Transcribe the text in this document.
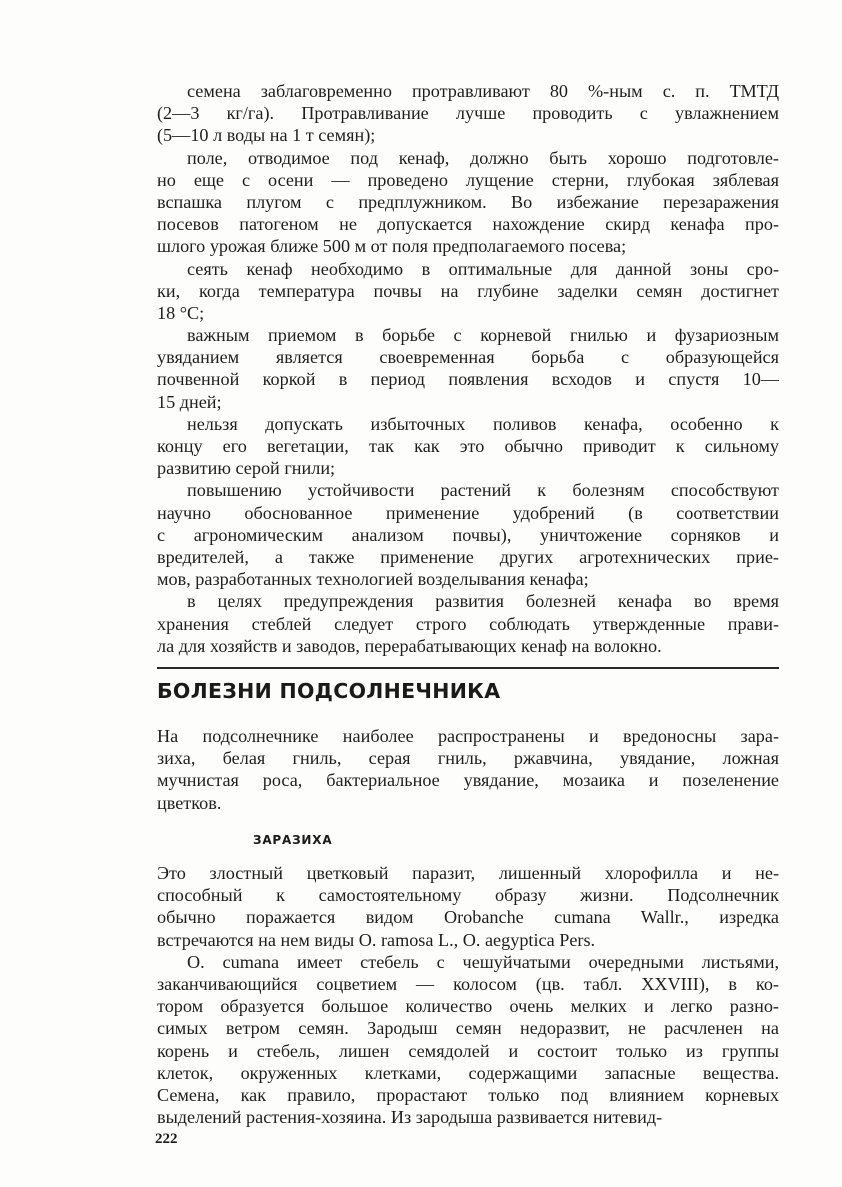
семена заблаговременно протравливают 80 %-ным с. п. ТМТД
(2—3 кг/га). Протравливание лучше проводить с увлажнением
(5—10 л воды на 1 т семян);
поле, отводимое под кенаф, должно быть хорошо подготовле-
но еще с осени — проведено лущение стерни, глубокая зяблевая
вспашка плугом с предплужником. Во избежание перезаражения
посевов патогеном не допускается нахождение скирд кенафа про-
шлого урожая ближе 500 м от поля предполагаемого посева;
сеять кенаф необходимо в оптимальные для данной зоны сро-
ки, когда температура почвы на глубине заделки семян достигнет
18 °С;
важным приемом в борьбе с корневой гнилью и фузариозным
увяданием является своевременная борьба с образующейся
почвенной коркой в период появления всходов и спустя 10—
15 дней;
нельзя допускать избыточных поливов кенафа, особенно к
концу его вегетации, так как это обычно приводит к сильному
развитию серой гнили;
повышению устойчивости растений к болезням способствуют
научно обоснованное применение удобрений (в соответствии
с агрономическим анализом почвы), уничтожение сорняков и
вредителей, а также применение других агротехнических прие-
мов, разработанных технологией возделывания кенафа;
в целях предупреждения развития болезней кенафа во время
хранения стеблей следует строго соблюдать утвержденные прави-
ла для хозяйств и заводов, перерабатывающих кенаф на волокно.
БОЛЕЗНИ ПОДСОЛНЕЧНИКА
На подсолнечнике наиболее распространены и вредоносны зара-
зиха, белая гниль, серая гниль, ржавчина, увядание, ложная
мучнистая роса, бактериальное увядание, мозаика и позеленение
цветков.
ЗАРАЗИХА
Это злостный цветковый паразит, лишенный хлорофилла и не-
способный к самостоятельному образу жизни. Подсолнечник
обычно поражается видом Orobanche cumana Wallr., изредка
встречаются на нем виды O. ramosa L., O. aegyptica Pers.
O. cumana имеет стебель с чешуйчатыми очередными листьями,
заканчивающийся соцветием — колосом (цв. табл. XXVIII), в ко-
тором образуется большое количество очень мелких и легко разно-
симых ветром семян. Зародыш семян недоразвит, не расчленен на
корень и стебель, лишен семядолей и состоит только из группы
клеток, окруженных клетками, содержащими запасные вещества.
Семена, как правило, прорастают только под влиянием корневых
выделений растения-хозяина. Из зародыша развивается нитевид-
222
